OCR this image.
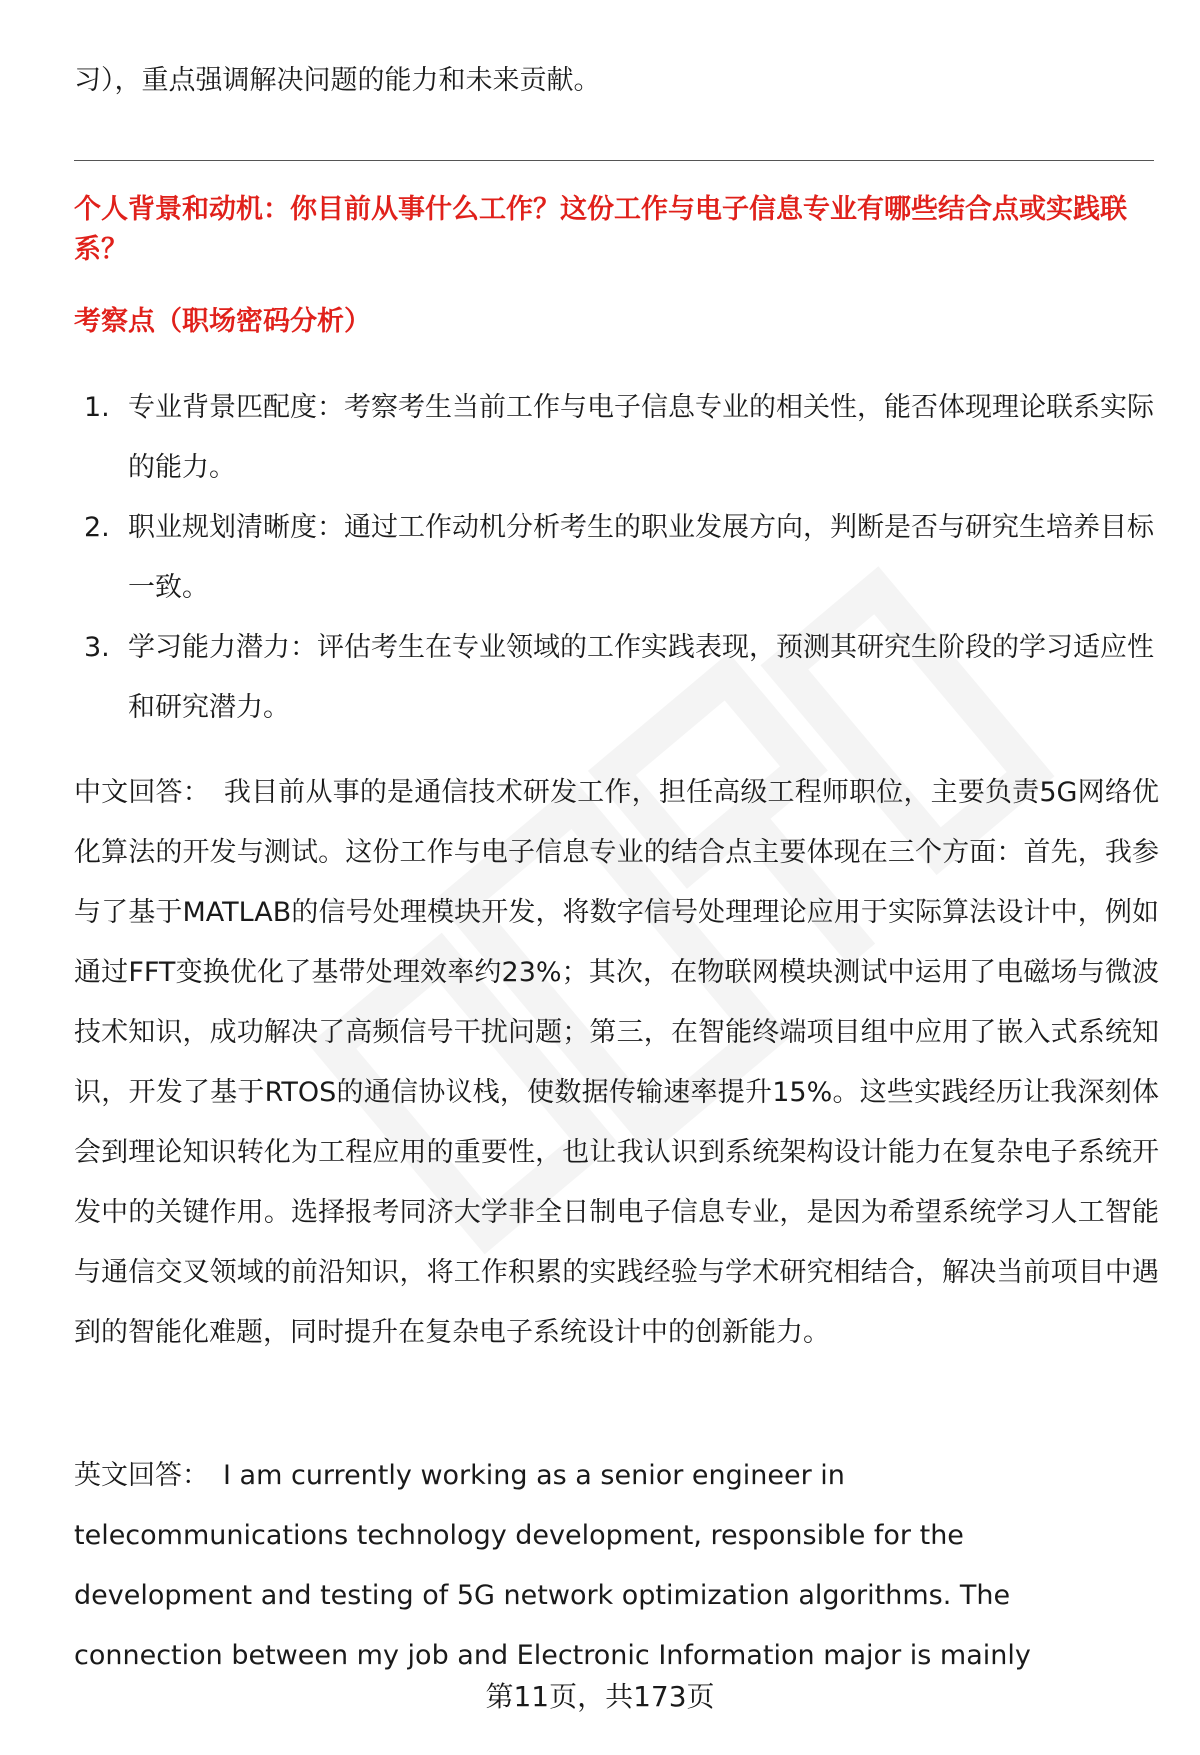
习），重点强调解决问题的能力和未来贡献。
个人背景和动机：你目前从事什么工作？这份工作与电子信息专业有哪些结合点或实践联系？
考察点（职场密码分析）
1. 专业背景匹配度：考察考生当前工作与电子信息专业的相关性，能否体现理论联系实际的能力。
2. 职业规划清晰度：通过工作动机分析考生的职业发展方向，判断是否与研究生培养目标一致。
3. 学习能力潜力：评估考生在专业领域的工作实践表现，预测其研究生阶段的学习适应性和研究潜力。
中文回答： 我目前从事的是通信技术研发工作，担任高级工程师职位，主要负责5G网络优化算法的开发与测试。这份工作与电子信息专业的结合点主要体现在三个方面：首先，我参与了基于MATLAB的信号处理模块开发，将数字信号处理理论应用于实际算法设计中，例如通过FFT变换优化了基带处理效率约23%；其次，在物联网模块测试中运用了电磁场与微波技术知识，成功解决了高频信号干扰问题；第三，在智能终端项目组中应用了嵌入式系统知识，开发了基于RTOS的通信协议栈，使数据传输速率提升15%。这些实践经历让我深刻体会到理论知识转化为工程应用的重要性，也让我认识到系统架构设计能力在复杂电子系统开发中的关键作用。选择报考同济大学非全日制电子信息专业，是因为希望系统学习人工智能与通信交叉领域的前沿知识，将工作积累的实践经验与学术研究相结合，解决当前项目中遇到的智能化难题，同时提升在复杂电子系统设计中的创新能力。
英文回答： I am currently working as a senior engineer in telecommunications technology development, responsible for the development and testing of 5G network optimization algorithms. The connection between my job and Electronic Information major is mainly
第11页，共173页
